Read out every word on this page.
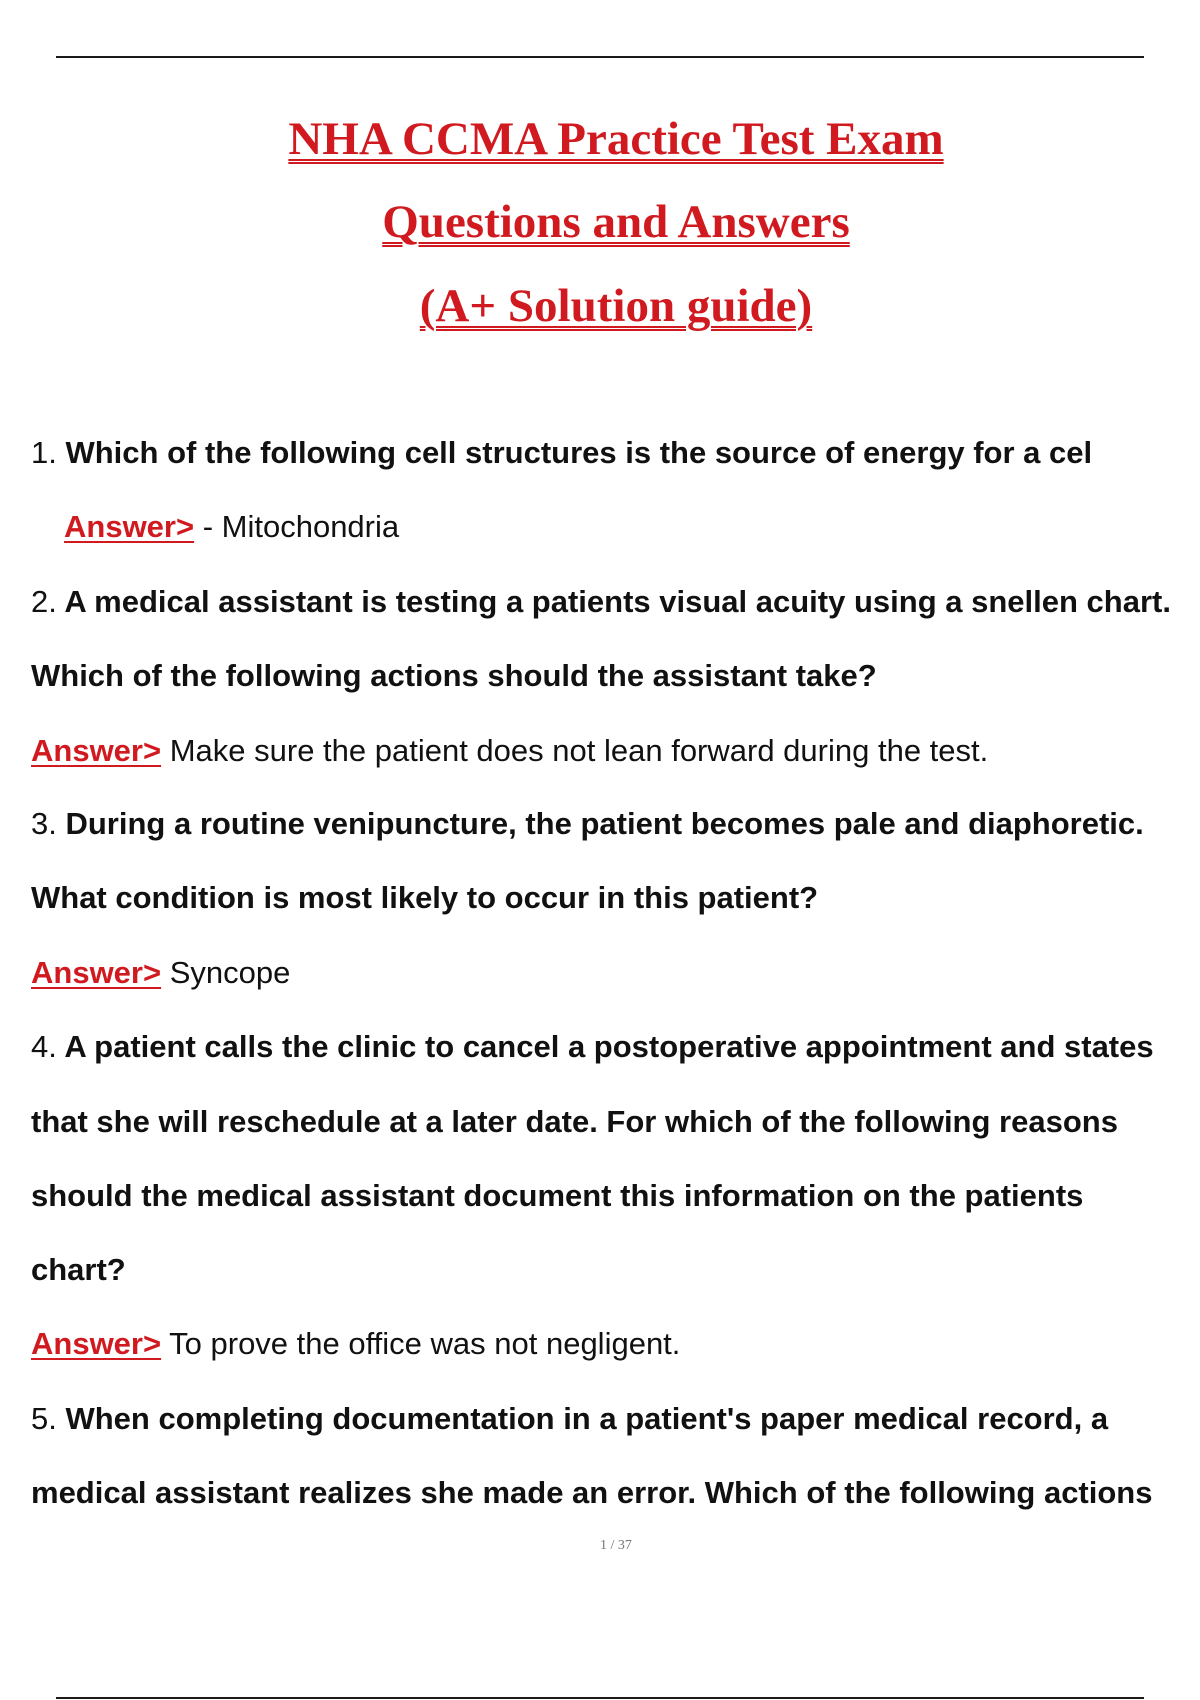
NHA CCMA Practice Test Exam
Questions and Answers
(A+ Solution guide)

1. Which of the following cell structures is the source of energy for a cel

Answer> - Mitochondria

2. A medical assistant is testing a patients visual acuity using a snellen chart.

Which of the following actions should the assistant take?

Answer> Make sure the patient does not lean forward during the test.

3. During a routine venipuncture, the patient becomes pale and diaphoretic.

What condition is most likely to occur in this patient?

Answer> Syncope

4. A patient calls the clinic to cancel a postoperative appointment and states

that she will reschedule at a later date. For which of the following reasons

should the medical assistant document this information on the patients

chart?

Answer> To prove the office was not negligent.

5. When completing documentation in a patient's paper medical record, a

medical assistant realizes she made an error. Which of the following actions

1 / 37
